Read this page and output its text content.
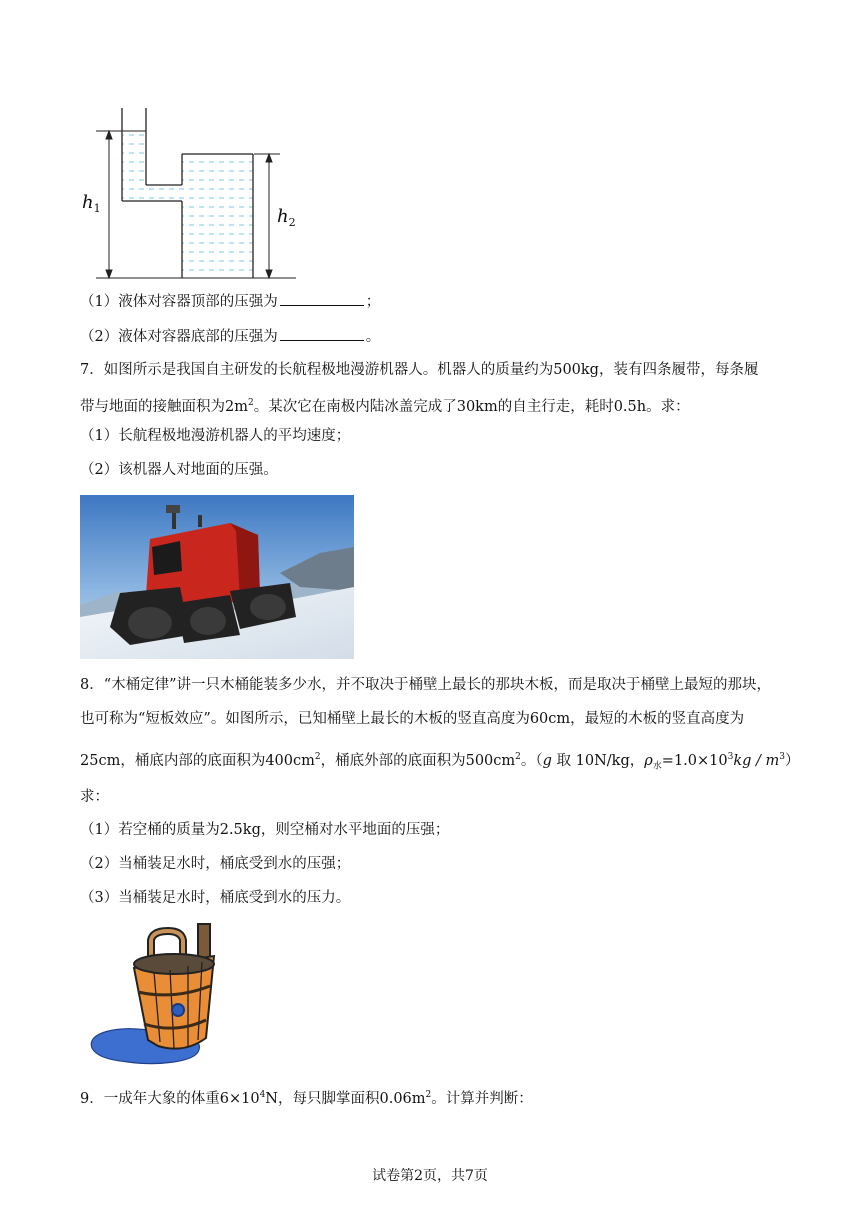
$h_1$	$h_2$
（1）液体对容器顶部的压强为	；
（2）液体对容器底部的压强为	。
7．如图所示是我国自主研发的长航程极地漫游机器人。机器人的质量约为500kg，装有四条履带，每条履
带与地面的接触面积为$2m^2$。某次它在南极内陆冰盖完成了30km的自主行走，耗时0.5h。求：
（1）长航程极地漫游机器人的平均速度；
（2）该机器人对地面的压强。
8．“木桶定律”讲一只木桶能装多少水，并不取决于桶壁上最长的那块木板，而是取决于桶壁上最短的那块，
也可称为“短板效应”。如图所示，已知桶壁上最长的木板的竖直高度为60cm，最短的木板的竖直高度为
25cm，桶底内部的底面积为$400cm^2$，桶底外部的底面积为$500cm^2$。（g 取 10N/kg，$\rho_水=1.0\times 10^3kg / m^3$）
求：
（1）若空桶的质量为2.5kg，则空桶对水平地面的压强；
（2）当桶装足水时，桶底受到水的压强；
（3）当桶装足水时，桶底受到水的压力。
9．一成年大象的体重$6\times 10^4N$，每只脚掌面积$0.06m^2$。计算并判断：
试卷第2页，共7页
